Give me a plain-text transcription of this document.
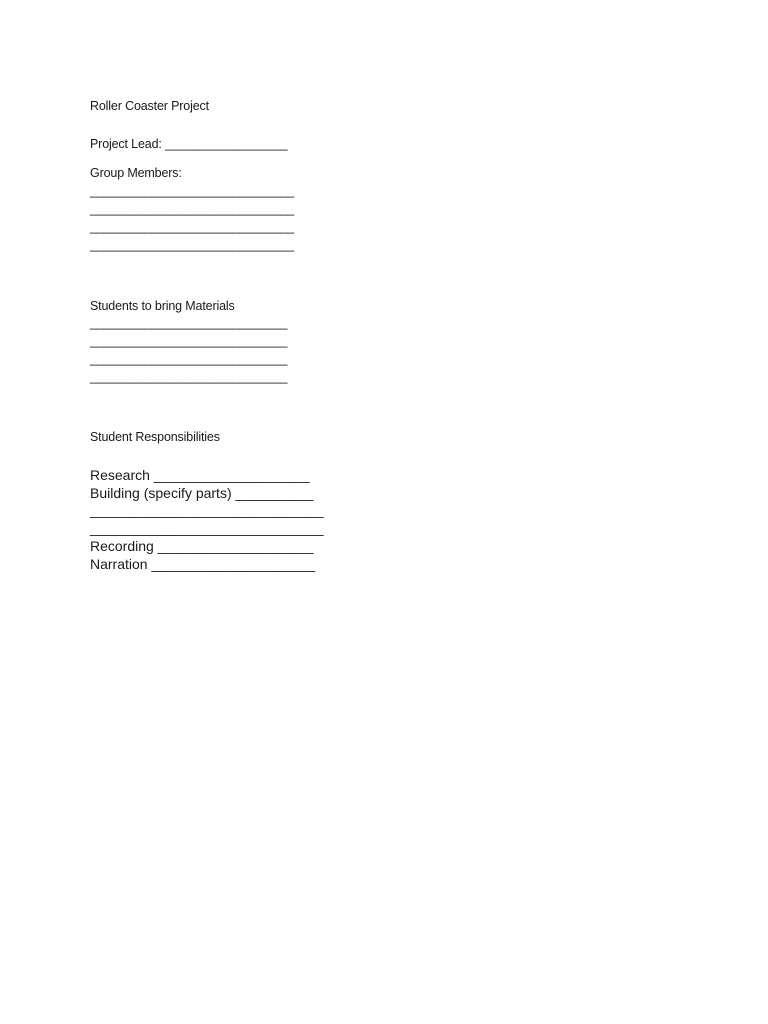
Roller Coaster Project
Project Lead: __________________
Group Members:
______________________________
______________________________
______________________________
______________________________
Students to bring Materials
_____________________________
_____________________________
_____________________________
_____________________________
Student Responsibilities
Research ____________________
Building (specify parts) __________
______________________________
______________________________
Recording ____________________
Narration _____________________
